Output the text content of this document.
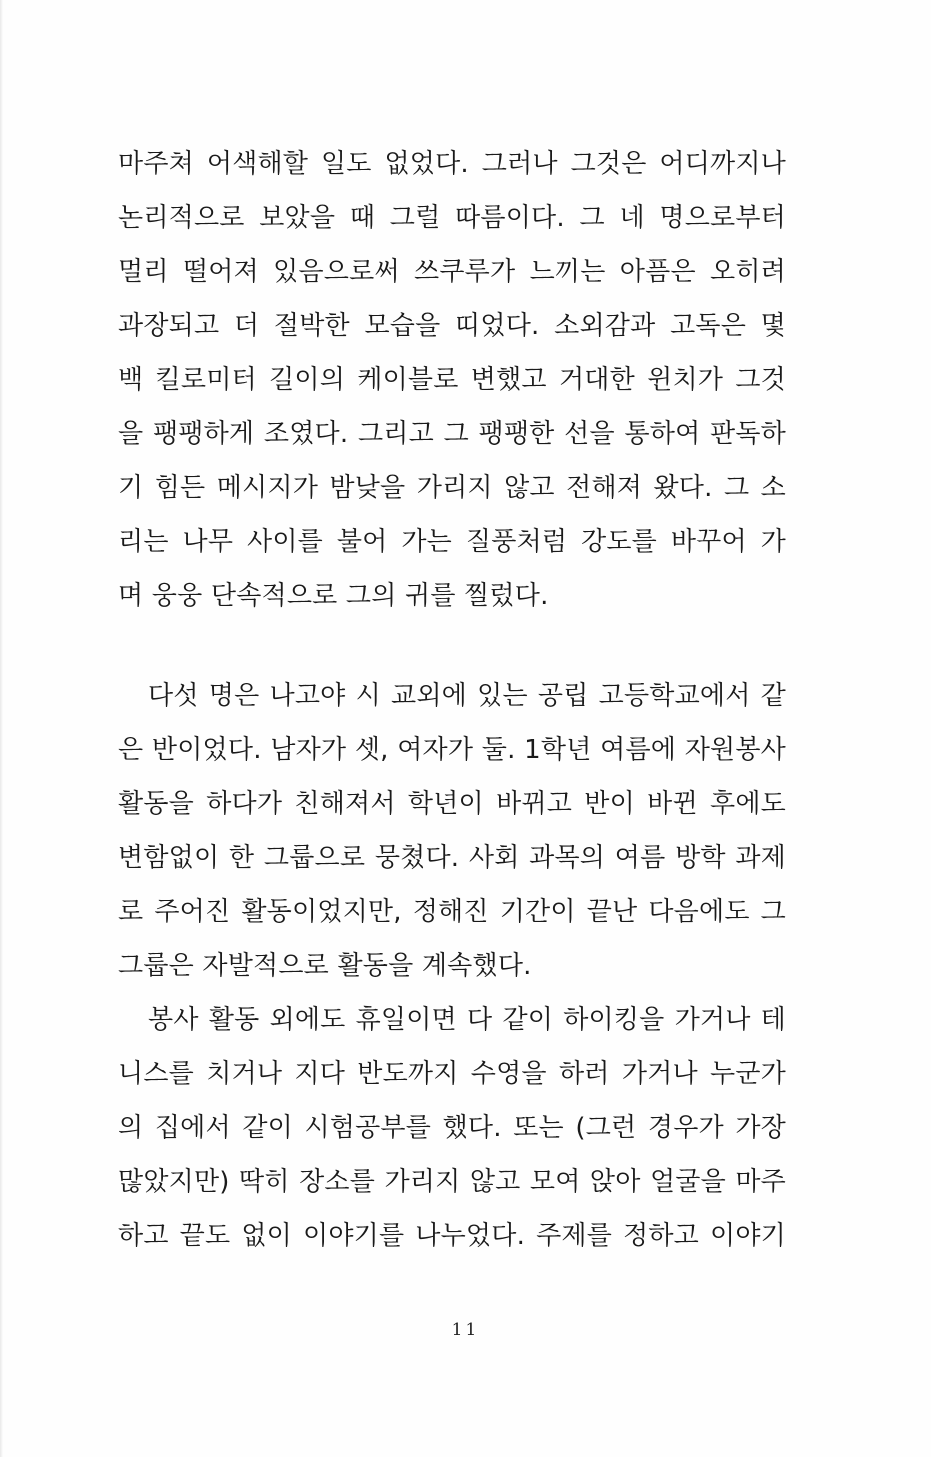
마주쳐 어색해할 일도 없었다. 그러나 그것은 어디까지나
논리적으로 보았을 때 그럴 따름이다. 그 네 명으로부터
멀리 떨어져 있음으로써 쓰쿠루가 느끼는 아픔은 오히려
과장되고 더 절박한 모습을 띠었다. 소외감과 고독은 몇
백 킬로미터 길이의 케이블로 변했고 거대한 윈치가 그것
을 팽팽하게 조였다. 그리고 그 팽팽한 선을 통하여 판독하
기 힘든 메시지가 밤낮을 가리지 않고 전해져 왔다. 그 소
리는 나무 사이를 불어 가는 질풍처럼 강도를 바꾸어 가
며 웅웅 단속적으로 그의 귀를 찔렀다.
다섯 명은 나고야 시 교외에 있는 공립 고등학교에서 같
은 반이었다. 남자가 셋, 여자가 둘. 1학년 여름에 자원봉사
활동을 하다가 친해져서 학년이 바뀌고 반이 바뀐 후에도
변함없이 한 그룹으로 뭉쳤다. 사회 과목의 여름 방학 과제
로 주어진 활동이었지만, 정해진 기간이 끝난 다음에도 그
그룹은 자발적으로 활동을 계속했다.
봉사 활동 외에도 휴일이면 다 같이 하이킹을 가거나 테
니스를 치거나 지다 반도까지 수영을 하러 가거나 누군가
의 집에서 같이 시험공부를 했다. 또는 (그런 경우가 가장
많았지만) 딱히 장소를 가리지 않고 모여 앉아 얼굴을 마주
하고 끝도 없이 이야기를 나누었다. 주제를 정하고 이야기
11
